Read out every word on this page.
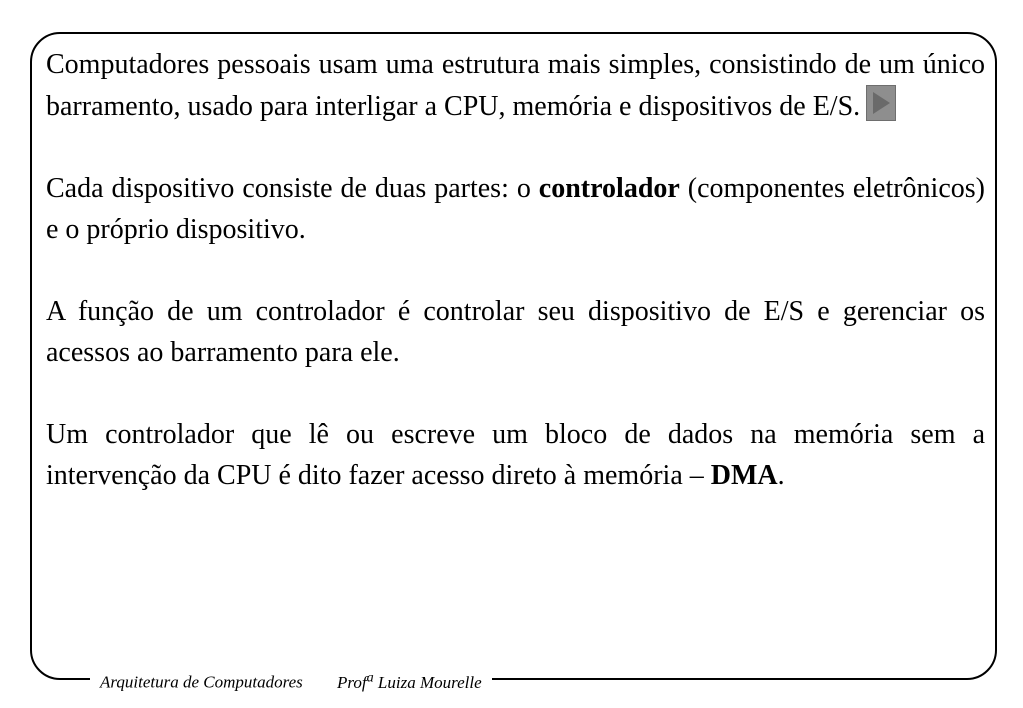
Computadores pessoais usam uma estrutura mais simples, consistindo de um único barramento, usado para interligar a CPU, memória e dispositivos de E/S.

Cada dispositivo consiste de duas partes: o controlador (componentes eletrônicos) e o próprio dispositivo.

A função de um controlador é controlar seu dispositivo de E/S e gerenciar os acessos ao barramento para ele.

Um controlador que lê ou escreve um bloco de dados na memória sem a intervenção da CPU é dito fazer acesso direto à memória – DMA.

Arquitetura de Computadores Prof$^a$ Luiza Mourelle
